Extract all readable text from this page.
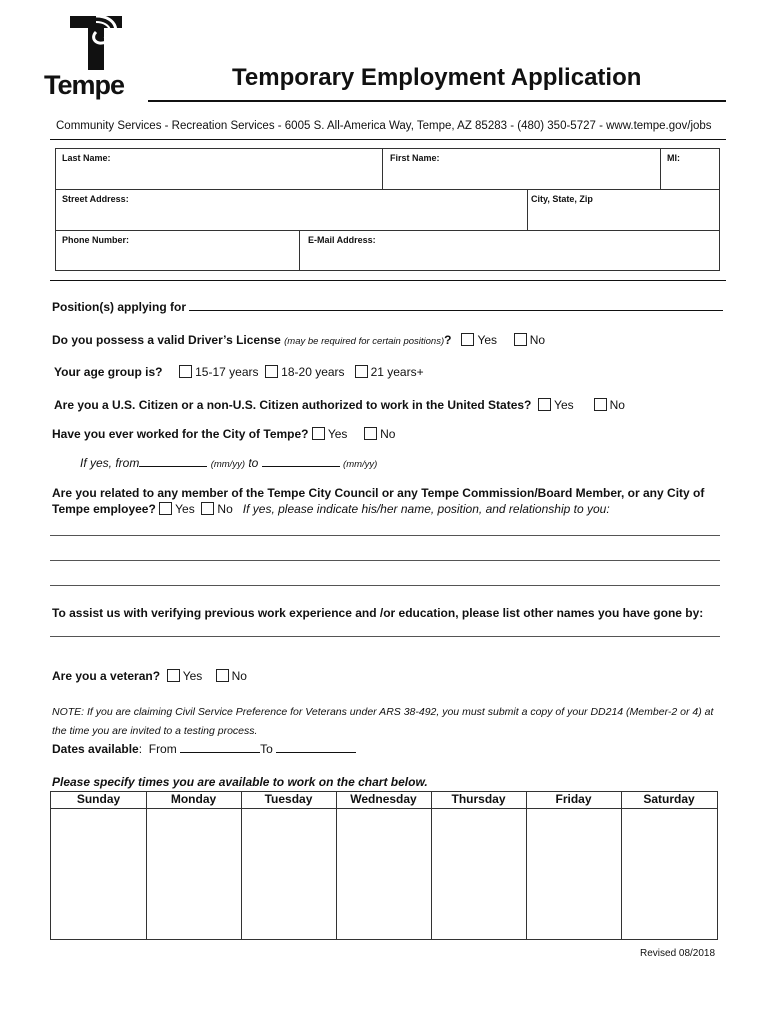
Tempe	Temporary Employment Application
Community Services - Recreation Services - 6005 S. All-America Way, Tempe, AZ 85283 - (480) 350-5727 - www.tempe.gov/jobs
Last Name:	First Name:	MI:
Street Address:	City, State, Zip
Phone Number:	E-Mail Address:
Position(s) applying for
Do you possess a valid Driver’s License (may be required for certain positions)? Yes	No
Your age group is?	15-17 years 18-20 years 21 years+
Are you a U.S. Citizen or a non-U.S. Citizen authorized to work in the United States? Yes	No
Have you ever worked for the City of Tempe? Yes	No
If yes, from	(mm/yy) to	(mm/yy)
Are you related to any member of the Tempe City Council or any Tempe Commission/Board Member, or any City of
Tempe employee? Yes No If yes, please indicate his/her name, position, and relationship to you:
To assist us with verifying previous work experience and /or education, please list other names you have gone by:
Are you a veteran? Yes No
NOTE: If you are claiming Civil Service Preference for Veterans under ARS 38-492, you must submit a copy of your DD214 (Member-2 or 4) at the time you are invited to a testing process.
Dates available:  From	To
Please specify times you are available to work on the chart below.
Sunday	Monday	Tuesday	Wednesday	Thursday	Friday	Saturday
Revised 08/2018
